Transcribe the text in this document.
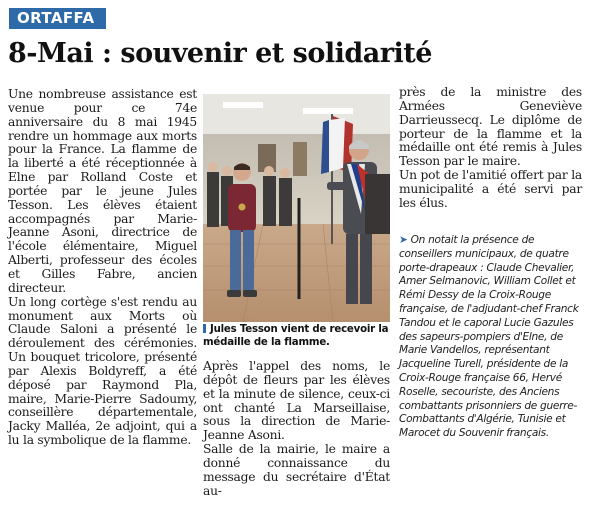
ORTAFFA
8-Mai : souvenir et solidarité

Une nombreuse assistance est venue pour ce 74e anniversaire du 8 mai 1945 rendre un hommage aux morts pour la France. La flamme de la liberté a été réceptionnée à Elne par Rolland Coste et portée par le jeune Jules Tesson. Les élèves étaient accompagnés par Marie-Jeanne Asoni, directrice de l'école élémentaire, Miguel Alberti, professeur des écoles et Gilles Fabre, ancien directeur.

Un long cortège s'est rendu au monument aux Morts où Claude Saloni a présenté le déroulement des cérémonies. Un bouquet tricolore, présenté par Alexis Boldyreff, a été déposé par Raymond Pla, maire, Marie-Pierre Sadoumy, conseillère départementale, Jacky Malléa, 2e adjoint, qui a lu la symbolique de la flamme.

Jules Tesson vient de recevoir la médaille de la flamme.

Après l'appel des noms, le dépôt de fleurs par les élèves et la minute de silence, ceux-ci ont chanté La Marseillaise, sous la direction de Marie-Jeanne Asoni.

Salle de la mairie, le maire a donné connaissance du message du secrétaire d'État au-

près de la ministre des Armées Geneviève Darrieussecq. Le diplôme de porteur de la flamme et la médaille ont été remis à Jules Tesson par le maire.

Un pot de l'amitié offert par la municipalité a été servi par les élus.

➤ On notait la présence de conseillers municipaux, de quatre porte-drapeaux : Claude Chevalier, Amer Selmanovic, William Collet et Rémi Dessy de la Croix-Rouge française, de l'adjudant-chef Franck Tandou et le caporal Lucie Gazules des sapeurs-pompiers d'Elne, de Marie Vandellos, représentant Jacqueline Turell, présidente de la Croix-Rouge française 66, Hervé Roselle, secouriste, des Anciens combattants prisonniers de guerre-Combattants d'Algérie, Tunisie et Marocet du Souvenir français.
